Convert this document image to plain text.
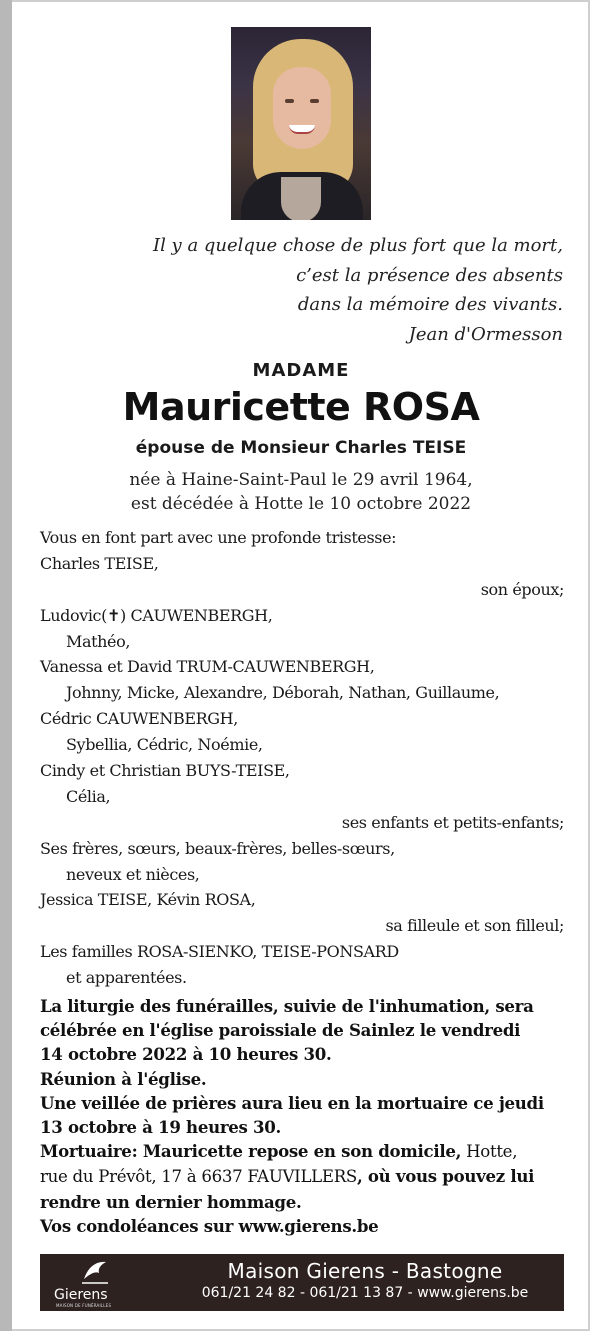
Il y a quelque chose de plus fort que la mort,
c’est la présence des absents
dans la mémoire des vivants.
Jean d'Ormesson
MADAME
Mauricette ROSA
épouse de Monsieur Charles TEISE
née à Haine-Saint-Paul le 29 avril 1964,
est décédée à Hotte le 10 octobre 2022
Vous en font part avec une profonde tristesse:
Charles TEISE,
son époux;
Ludovic(✝) CAUWENBERGH,
Mathéo,
Vanessa et David TRUM-CAUWENBERGH,
Johnny, Micke, Alexandre, Déborah, Nathan, Guillaume,
Cédric CAUWENBERGH,
Sybellia, Cédric, Noémie,
Cindy et Christian BUYS-TEISE,
Célia,
ses enfants et petits-enfants;
Ses frères, sœurs, beaux-frères, belles-sœurs,
neveux et nièces,
Jessica TEISE, Kévin ROSA,
sa filleule et son filleul;
Les familles ROSA-SIENKO, TEISE-PONSARD
et apparentées.
La liturgie des funérailles, suivie de l'inhumation, sera
célébrée en l'église paroissiale de Sainlez le vendredi
14 octobre 2022 à 10 heures 30.
Réunion à l'église.
Une veillée de prières aura lieu en la mortuaire ce jeudi
13 octobre à 19 heures 30.
Mortuaire: Mauricette repose en son domicile, Hotte,
rue du Prévôt, 17 à 6637 FAUVILLERS, où vous pouvez lui
rendre un dernier hommage.
Vos condoléances sur www.gierens.be
Gierens
MAISON DE FUNÉRAILLES
Maison Gierens - Bastogne
061/21 24 82 - 061/21 13 87 - www.gierens.be
